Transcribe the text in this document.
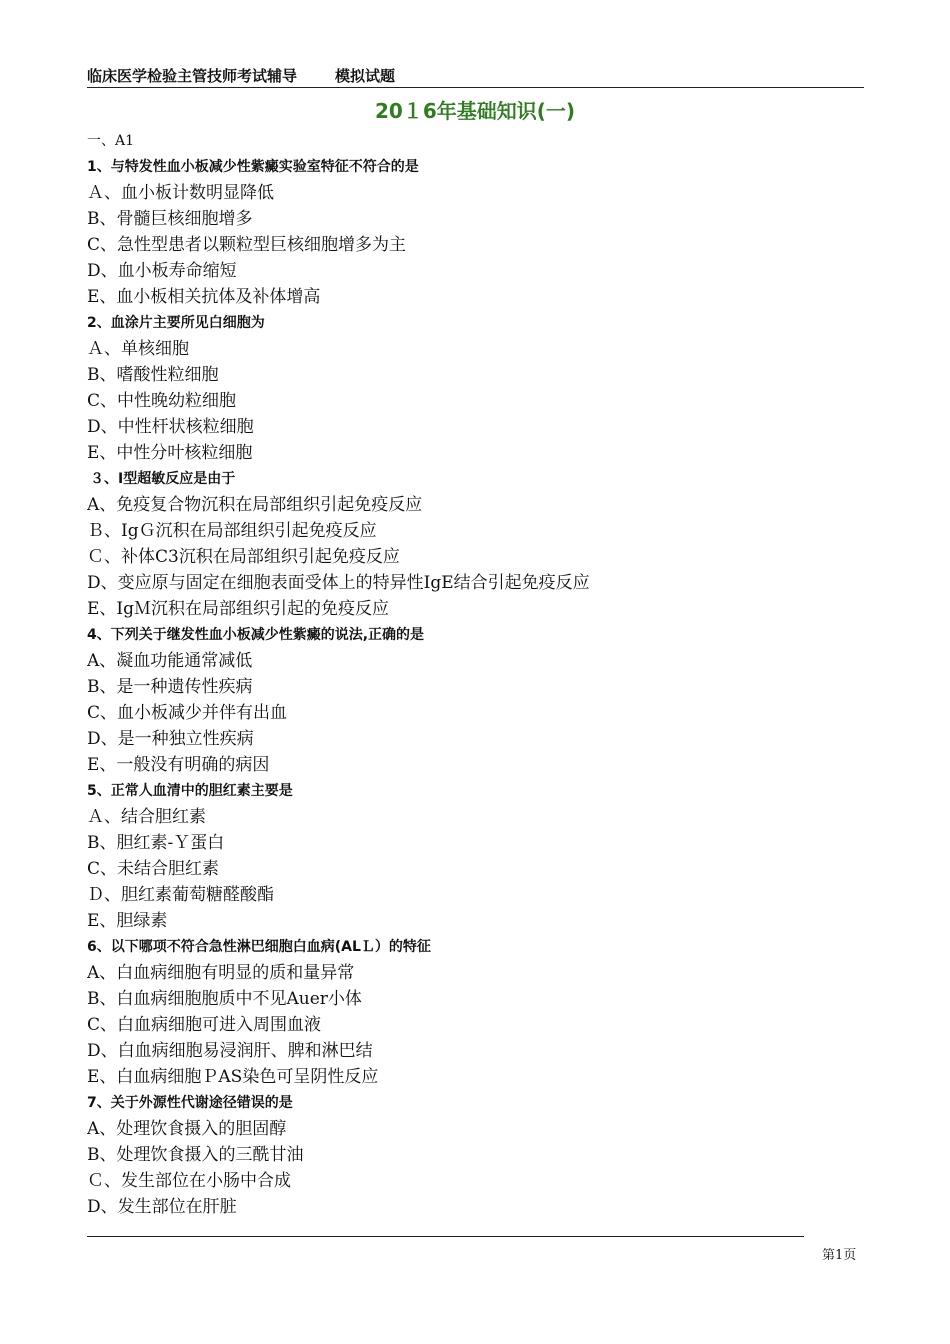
临床医学检验主管技师考试辅导	模拟试题
20１6年基础知识(一)
一、A1
1、与特发性血小板减少性紫癜实验室特征不符合的是
Ａ、血小板计数明显降低
B、骨髓巨核细胞增多
C、急性型患者以颗粒型巨核细胞增多为主
D、血小板寿命缩短
E、血小板相关抗体及补体增高
2、血涂片主要所见白细胞为
Ａ、单核细胞
B、嗜酸性粒细胞
C、中性晚幼粒细胞
D、中性杆状核粒细胞
E、中性分叶核粒细胞
３、Ⅰ型超敏反应是由于
A、免疫复合物沉积在局部组织引起免疫反应
Ｂ、IgＧ沉积在局部组织引起免疫反应
Ｃ、补体C3沉积在局部组织引起免疫反应
D、变应原与固定在细胞表面受体上的特异性IgE结合引起免疫反应
E、IgＭ沉积在局部组织引起的免疫反应
4、下列关于继发性血小板减少性紫癜的说法,正确的是
A、凝血功能通常减低
B、是一种遗传性疾病
C、血小板减少并伴有出血
D、是一种独立性疾病
E、一般没有明确的病因
5、正常人血清中的胆红素主要是
Ａ、结合胆红素
B、胆红素-Ｙ蛋白
C、未结合胆红素
Ｄ、胆红素葡萄糖醛酸酯
E、胆绿素
6、以下哪项不符合急性淋巴细胞白血病(ALＬ）的特征
A、白血病细胞有明显的质和量异常
B、白血病细胞胞质中不见Auer小体
C、白血病细胞可进入周围血液
D、白血病细胞易浸润肝、脾和淋巴结
E、白血病细胞ＰAS染色可呈阴性反应
7、关于外源性代谢途径错误的是
A、处理饮食摄入的胆固醇
B、处理饮食摄入的三酰甘油
Ｃ、发生部位在小肠中合成
D、发生部位在肝脏
第1页
